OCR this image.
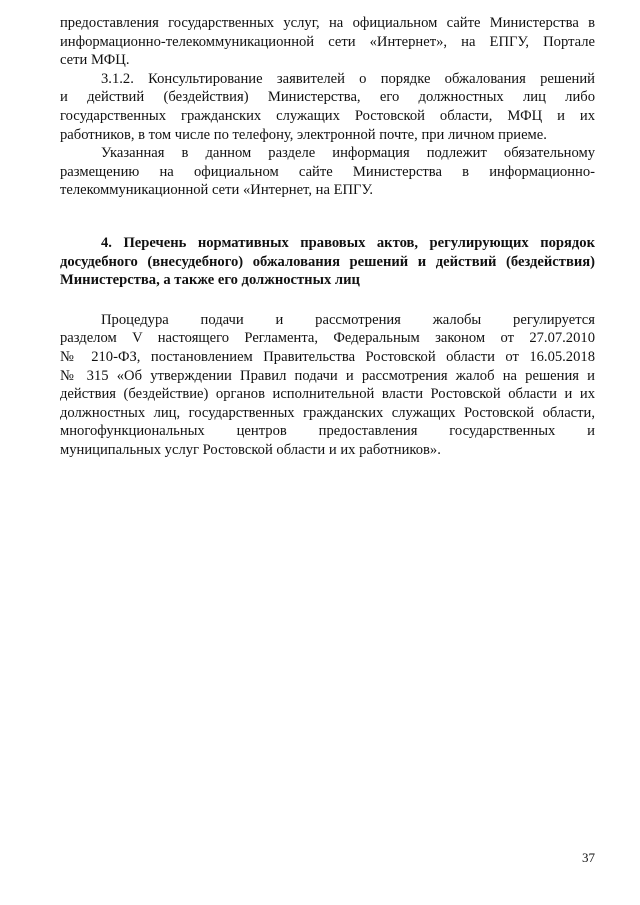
предоставления государственных услуг, на официальном сайте Министерства в
информационно-телекоммуникационной сети «Интернет», на ЕПГУ, Портале
сети МФЦ.
3.1.2. Консультирование заявителей о порядке обжалования решений
и действий (бездействия) Министерства, его должностных лиц либо
государственных гражданских служащих Ростовской области, МФЦ и их
работников, в том числе по телефону, электронной почте, при личном приеме.
Указанная в данном разделе информация подлежит обязательному
размещению на официальном сайте Министерства в информационно-
телекоммуникационной сети «Интернет, на ЕПГУ.
4. Перечень нормативных правовых актов, регулирующих порядок
досудебного (внесудебного) обжалования решений и действий (бездействия)
Министерства, а также его должностных лиц
Процедура подачи и рассмотрения жалобы регулируется
разделом V настоящего Регламента, Федеральным законом от 27.07.2010
№ 210-ФЗ, постановлением Правительства Ростовской области от 16.05.2018
№ 315 «Об утверждении Правил подачи и рассмотрения жалоб на решения и
действия (бездействие) органов исполнительной власти Ростовской области и их
должностных лиц, государственных гражданских служащих Ростовской области,
многофункциональных центров предоставления государственных и
муниципальных услуг Ростовской области и их работников».
37
